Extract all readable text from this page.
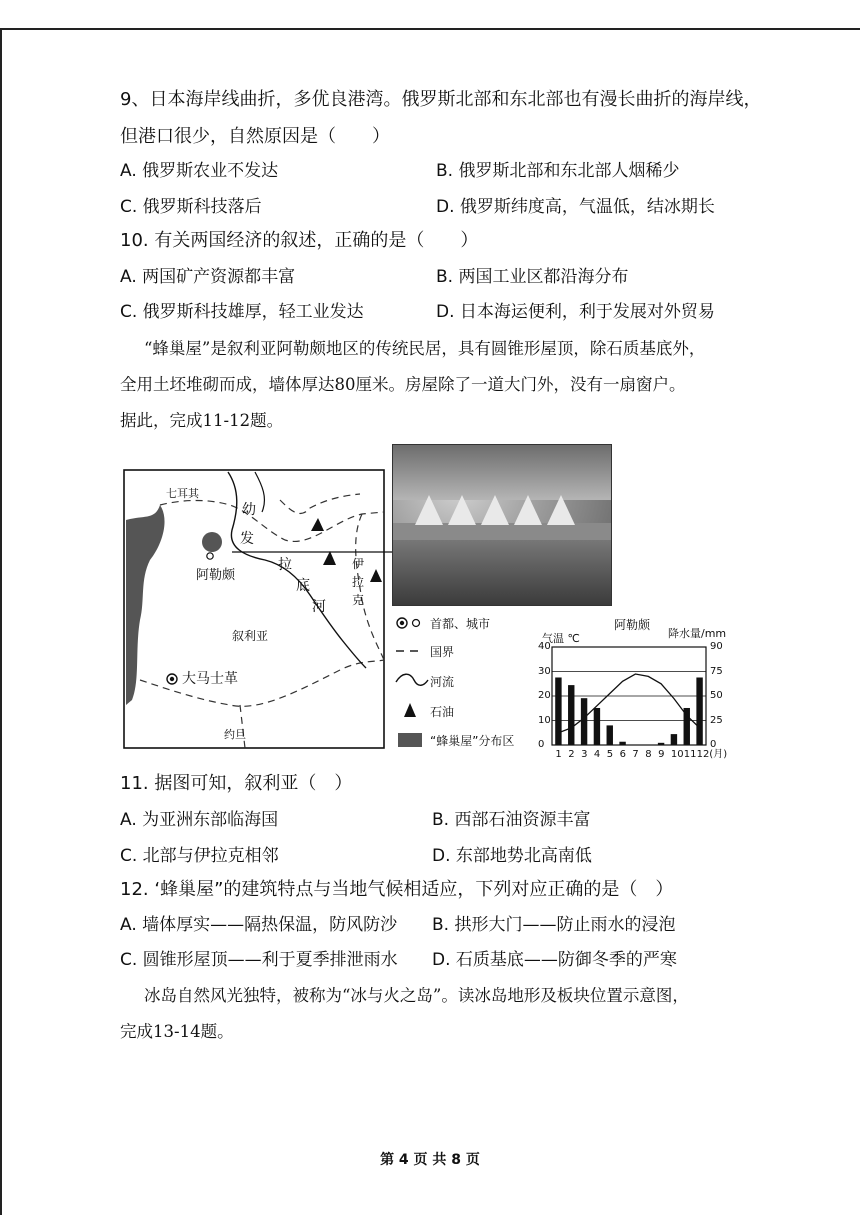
9、日本海岸线曲折，多优良港湾。俄罗斯北部和东北部也有漫长曲折的海岸线，
但港口很少，自然原因是（　　）
A. 俄罗斯农业不发达	B. 俄罗斯北部和东北部人烟稀少
C. 俄罗斯科技落后	D. 俄罗斯纬度高，气温低，结冰期长
10. 有关两国经济的叙述，正确的是（　　）
A. 两国矿产资源都丰富	B. 两国工业区都沿海分布
C. 俄罗斯科技雄厚，轻工业发达	D. 日本海运便利，利于发展对外贸易
“蜂巢屋”是叙利亚阿勒颇地区的传统民居，具有圆锥形屋顶，除石质基底外，
全用土坯堆砌而成，墙体厚达80厘米。房屋除了一道大门外，没有一扇窗户。
据此，完成11-12题。
七耳其
幼
发
拉
底
河
阿勒颇
伊
拉
克
叙利亚
大马士革
约旦
首都、城市
国界
河流
石油
“蜂巢屋”分布区
阿勒颇
气温 ℃	降水量/mm
40
30
20
10
0
90
75
50
25
0
1 2 3 4 5 6 7 8 9 10 11 12(月)
11. 据图可知，叙利亚（　）
A. 为亚洲东部临海国	B. 西部石油资源丰富
C. 北部与伊拉克相邻	D. 东部地势北高南低
12. ‘蜂巢屋”的建筑特点与当地气候相适应，下列对应正确的是（　）
A. 墙体厚实——隔热保温，防风防沙 B. 拱形大门——防止雨水的浸泡
C. 圆锥形屋顶——利于夏季排泄雨水 D. 石质基底——防御冬季的严寒
冰岛自然风光独特，被称为“冰与火之岛”。读冰岛地形及板块位置示意图，
完成13-14题。
第 4 页 共 8 页
